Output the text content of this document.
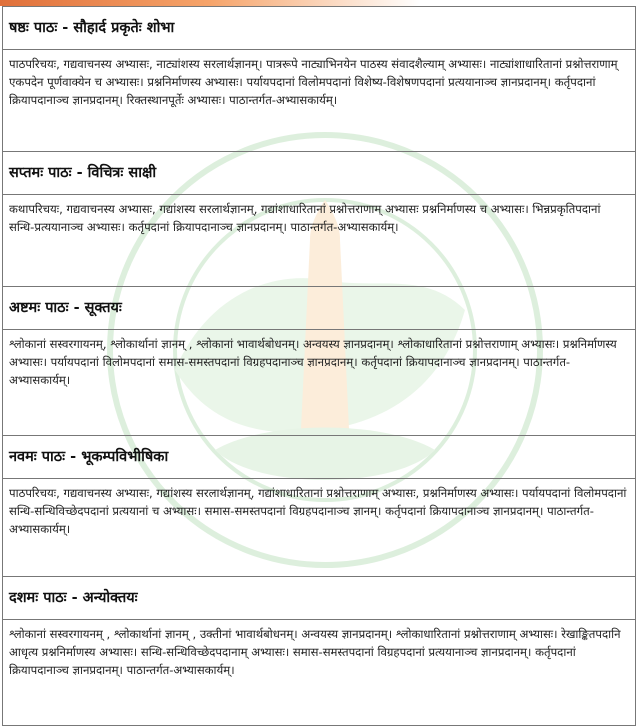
षष्ठः पाठः - सौहार्द प्रकृतेः शोभा
पाठपरिचयः, गद्यवाचनस्य अभ्यासः, नाट्यांशस्य सरलार्थज्ञानम्। पात्ररूपे नाट्याभिनयेन पाठस्य संवादशैल्याम् अभ्यासः। नाट्यांशाधारितानां प्रश्नोत्तराणाम् एकपदेन पूर्णवाक्येन च अभ्यासः। प्रश्ननिर्माणस्य अभ्यासः। पर्यायपदानां विलोमपदानां विशेष्य-विशेषणपदानां प्रत्ययानाञ्च ज्ञानप्रदानम्। कर्तृपदानां क्रियापदानाञ्च ज्ञानप्रदानम्। रिक्तस्थानपूर्तेः अभ्यासः। पाठान्तर्गत-अभ्यासकार्यम्।
सप्तमः पाठः - विचित्रः साक्षी
कथापरिचयः, गद्यवाचनस्य अभ्यासः, गद्यांशस्य सरलार्थज्ञानम्, गद्यांशाधारितानां प्रश्नोत्तराणाम् अभ्यासः प्रश्ननिर्माणस्य च अभ्यासः। भिन्नप्रकृतिपदानां सन्धि-प्रत्ययानाञ्च अभ्यासः। कर्तृपदानां क्रियापदानाञ्च ज्ञानप्रदानम्। पाठान्तर्गत-अभ्यासकार्यम्।
अष्टमः पाठः - सूक्तयः
श्लोकानां सस्वरगायनम्, श्लोकार्थानां ज्ञानम् , श्लोकानां भावार्थबोधनम्। अन्वयस्य ज्ञानप्रदानम्। श्लोकाधारितानां प्रश्नोत्तराणाम् अभ्यासः। प्रश्ननिर्माणस्य अभ्यासः। पर्यायपदानां विलोमपदानां समास-समस्तपदानां विग्रहपदानाञ्च ज्ञानप्रदानम्। कर्तृपदानां क्रियापदानाञ्च ज्ञानप्रदानम्। पाठान्तर्गत-अभ्यासकार्यम्।
नवमः पाठः - भूकम्पविभीषिका
पाठपरिचयः, गद्यवाचनस्य अभ्यासः, गद्यांशस्य सरलार्थज्ञानम्, गद्यांशाधारितानां प्रश्नोत्तराणाम् अभ्यासः, प्रश्ननिर्माणस्य अभ्यासः। पर्यायपदानां विलोमपदानां सन्धि-सन्धिविच्छेदपदानां प्रत्ययानां च अभ्यासः। समास-समस्तपदानां विग्रहपदानाञ्च ज्ञानम्। कर्तृपदानां क्रियापदानाञ्च ज्ञानप्रदानम्। पाठान्तर्गत-अभ्यासकार्यम्।
दशमः पाठः - अन्योक्तयः
श्लोकानां सस्वरगायनम् , श्लोकार्थानां ज्ञानम् , उक्तीनां भावार्थबोधनम्। अन्वयस्य ज्ञानप्रदानम्। श्लोकाधारितानां प्रश्नोत्तराणाम् अभ्यासः। रेखाङ्कितपदानि आधृत्य प्रश्ननिर्माणस्य अभ्यासः। सन्धि-सन्धिविच्छेदपदानाम् अभ्यासः। समास-समस्तपदानां विग्रहपदानां प्रत्ययानाञ्च ज्ञानप्रदानम्। कर्तृपदानां क्रियापदानाञ्च ज्ञानप्रदानम्। पाठान्तर्गत-अभ्यासकार्यम्।
